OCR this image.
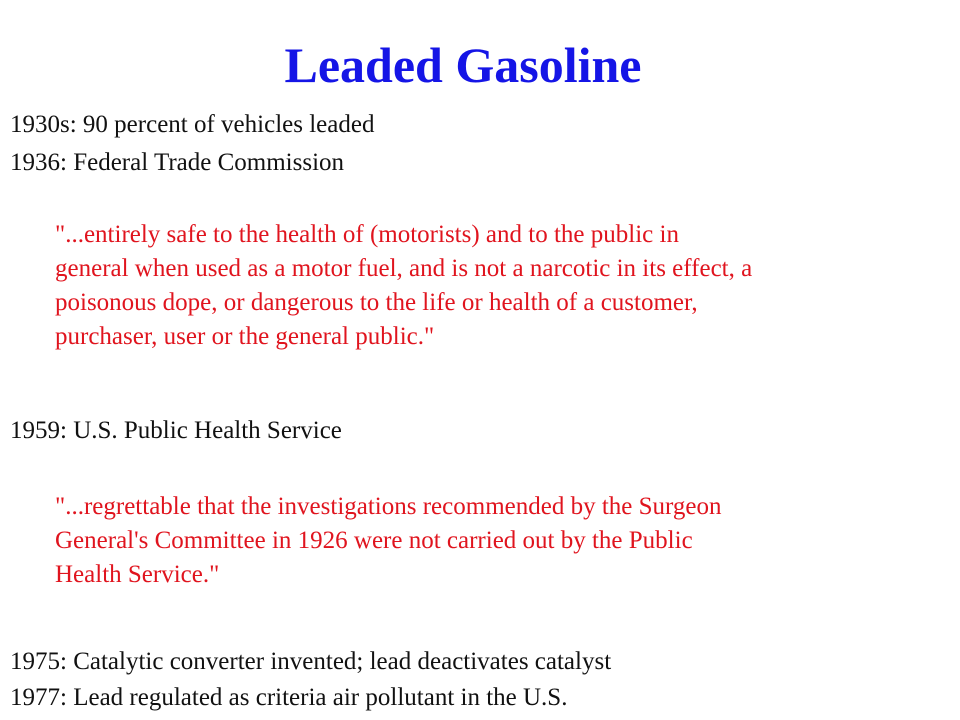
Leaded Gasoline
1930s: 90 percent of vehicles leaded
1936: Federal Trade Commission
"...entirely safe to the health of (motorists) and to the public in
general when used as a motor fuel, and is not a narcotic in its effect, a
poisonous dope, or dangerous to the life or health of a customer,
purchaser, user or the general public."
1959: U.S. Public Health Service
"...regrettable that the investigations recommended by the Surgeon
General's Committee in 1926 were not carried out by the Public
Health Service."
1975: Catalytic converter invented; lead deactivates catalyst
1977: Lead regulated as criteria air pollutant in the U.S.
